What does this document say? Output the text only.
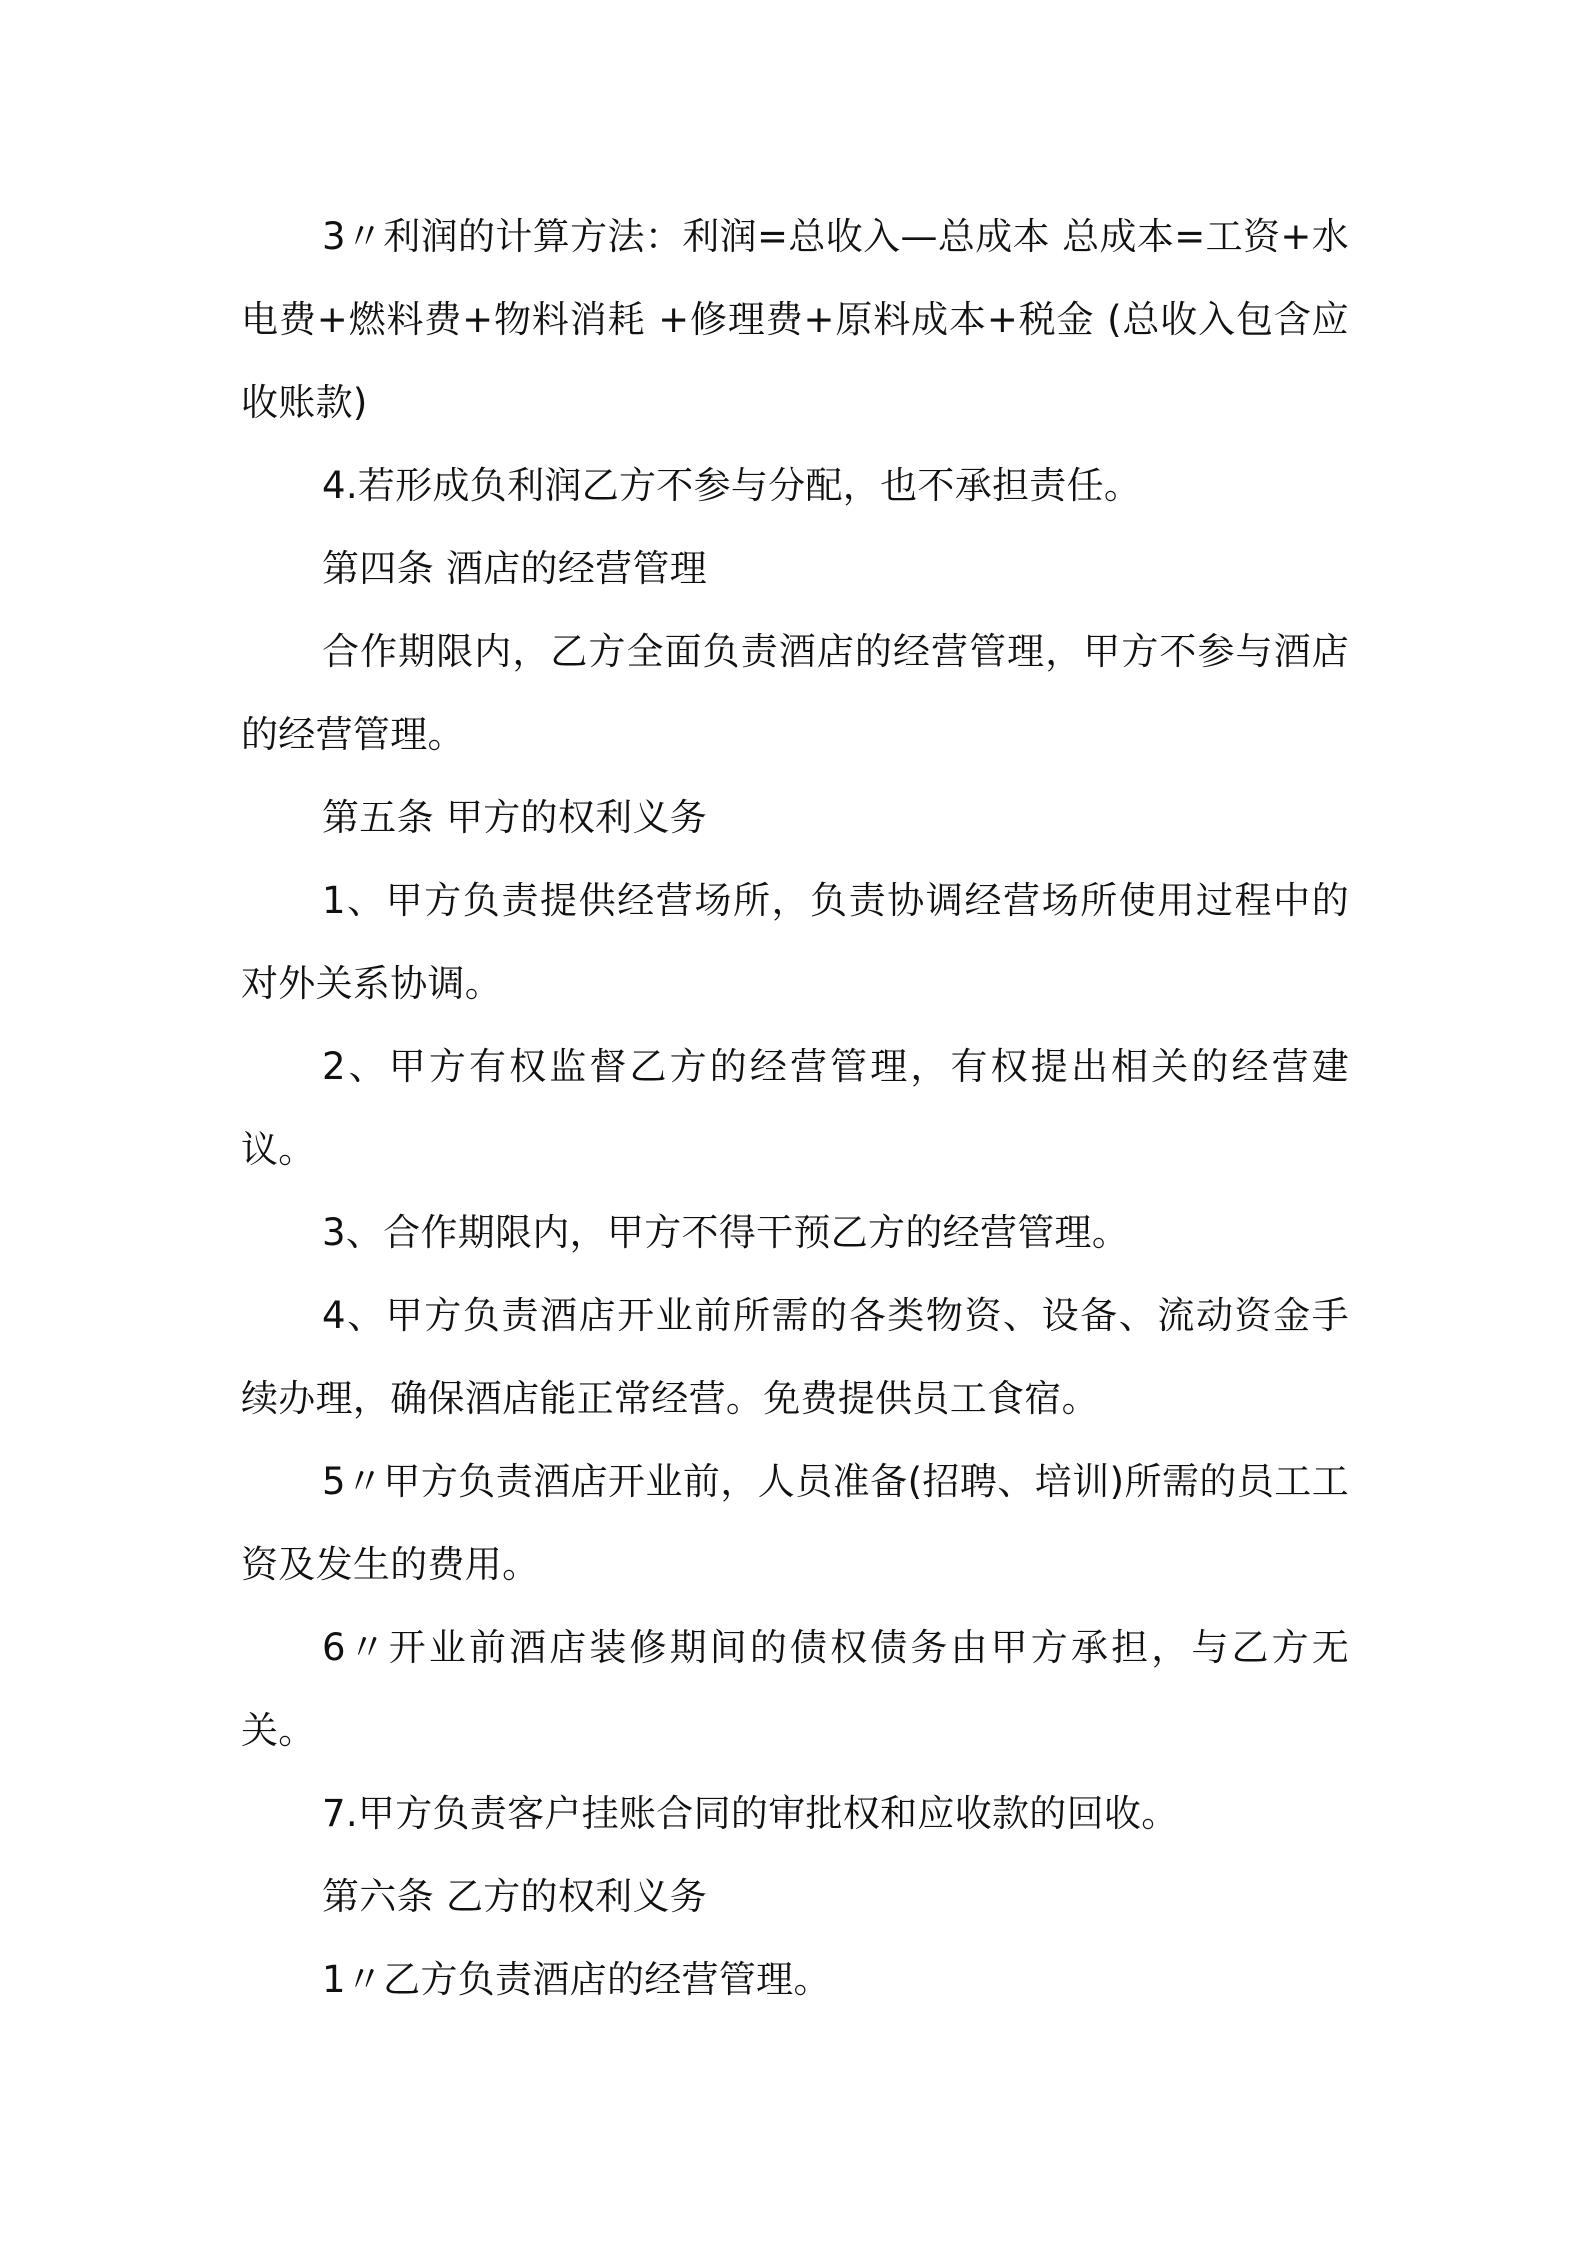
3〃利润的计算方法：利润=总收入—总成本 总成本=工资+水电费+燃料费+物料消耗 +修理费+原料成本+税金 (总收入包含应收账款)

4.若形成负利润乙方不参与分配，也不承担责任。

第四条 酒店的经营管理

合作期限内，乙方全面负责酒店的经营管理，甲方不参与酒店的经营管理。

第五条 甲方的权利义务

1、甲方负责提供经营场所，负责协调经营场所使用过程中的对外关系协调。

2、甲方有权监督乙方的经营管理，有权提出相关的经营建议。

3、合作期限内，甲方不得干预乙方的经营管理。

4、甲方负责酒店开业前所需的各类物资、设备、流动资金手续办理，确保酒店能正常经营。免费提供员工食宿。

5〃甲方负责酒店开业前，人员准备(招聘、培训)所需的员工工资及发生的费用。

6〃开业前酒店装修期间的债权债务由甲方承担，与乙方无关。

7.甲方负责客户挂账合同的审批权和应收款的回收。

第六条 乙方的权利义务

1〃乙方负责酒店的经营管理。
